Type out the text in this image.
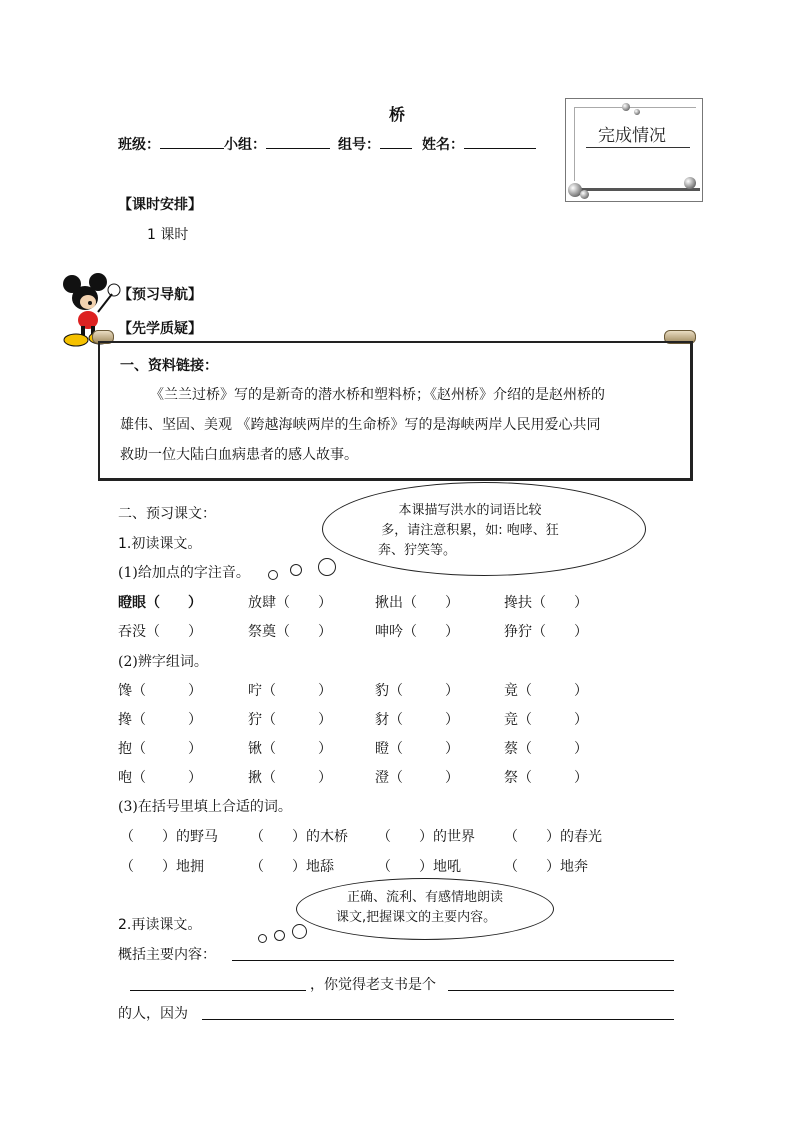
桥
班级：	小组：	组号：	姓名：	完成情况
【课时安排】
1 课时
【预习导航】
【先学质疑】
一、资料链接：
《兰兰过桥》写的是新奇的潜水桥和塑料桥；《赵州桥》介绍的是赵州桥的
雄伟、坚固、美观 《跨越海峡两岸的生命桥》写的是海峡两岸人民用爱心共同
救助一位大陆白血病患者的感人故事。
二、预习课文：
1.初读课文。
(1)给加点的字注音。
本课描写洪水的词语比较
多，请注意积累，如: 咆哮、狂
奔、狞笑等。
瞪眼（　　）	放肆（　　）	揪出（　　）	搀扶（　　）
吞没（　　）	祭奠（　　）	呻吟（　　）	狰狞（　　）
(2)辨字组词。
馋（　　　）	咛（　　　）	豹（　　　）	竟（　　　）
搀（　　　）	狞（　　　）	豺（　　　）	竞（　　　）
抱（　　　）	锹（　　　）	瞪（　　　）	蔡（　　　）
咆（　　　）	揪（　　　）	澄（　　　）	祭（　　　）
(3)在括号里填上合适的词。
（　　）的野马 （　　）的木桥 （　　）的世界 （　　）的春光
（　　）地拥	（　　）地舔	（　　）地吼	（　　）地奔
正确、流利、有感情地朗读
课文,把握课文的主要内容。
2.再读课文。
概括主要内容：
，你觉得老支书是个
的人，因为
